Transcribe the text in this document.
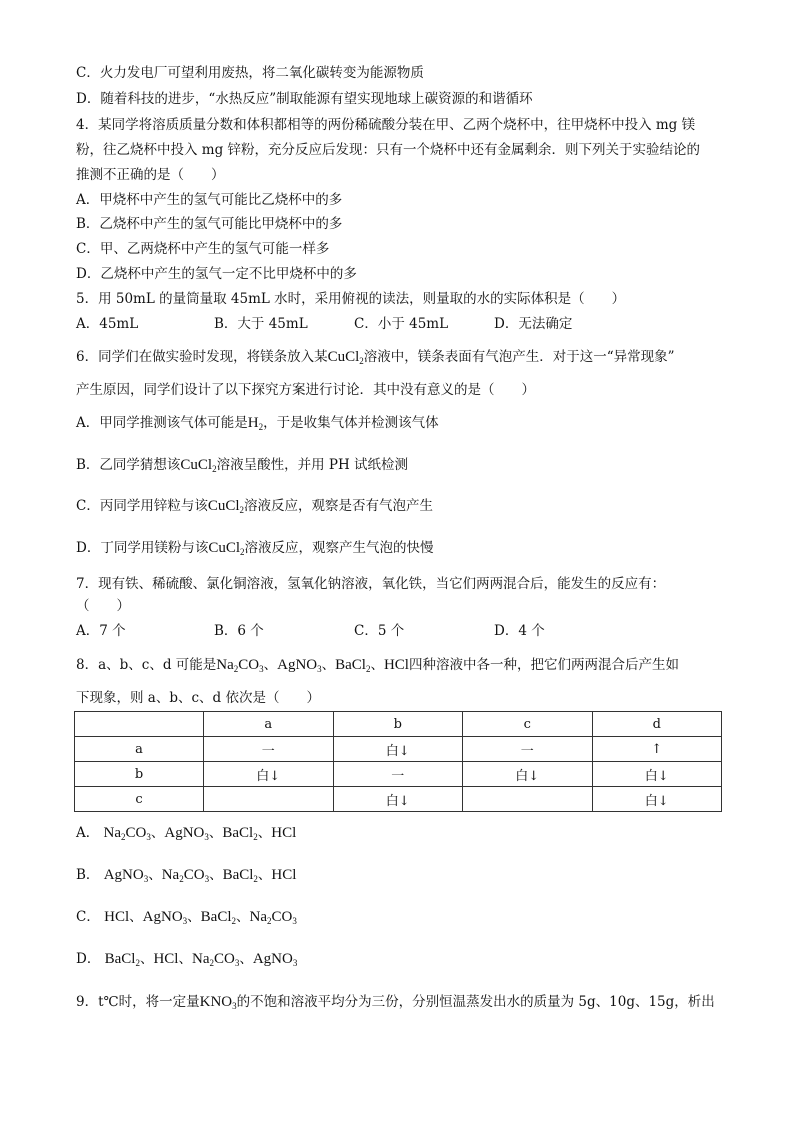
C．火力发电厂可望利用废热，将二氧化碳转变为能源物质
D．随着科技的进步，“水热反应”制取能源有望实现地球上碳资源的和谐循环
4．某同学将溶质质量分数和体积都相等的两份稀硫酸分装在甲、乙两个烧杯中，往甲烧杯中投入 mg 镁
粉，往乙烧杯中投入 mg 锌粉，充分反应后发现：只有一个烧杯中还有金属剩余．则下列关于实验结论的
推测不正确的是（　　）
A．甲烧杯中产生的氢气可能比乙烧杯中的多
B．乙烧杯中产生的氢气可能比甲烧杯中的多
C．甲、乙两烧杯中产生的氢气可能一样多
D．乙烧杯中产生的氢气一定不比甲烧杯中的多
5．用 50mL 的量筒量取 45mL 水时，采用俯视的读法，则量取的水的实际体积是（　　）
A．45mL	B．大于 45mL	C．小于 45mL	D．无法确定
6．同学们在做实验时发现，将镁条放入某CuCl$_2$溶液中，镁条表面有气泡产生．对于这一“异常现象”
产生原因，同学们设计了以下探究方案进行讨论．其中没有意义的是（　　）
A．甲同学推测该气体可能是$H_2$，于是收集气体并检测该气体
B．乙同学猜想该CuCl$_2$溶液呈酸性，并用 PH 试纸检测
C．丙同学用锌粒与该CuCl$_2$溶液反应，观察是否有气泡产生
D．丁同学用镁粉与该CuCl$_2$溶液反应，观察产生气泡的快慢
7．现有铁、稀硫酸、氯化铜溶液，氢氧化钠溶液，氧化铁，当它们两两混合后，能发生的反应有：
（　　）
A．7 个	B．6 个	C．5 个	D．4 个
8．a、b、c、d 可能是$Na_2CO_3$、AgNO$_3$、BaCl$_2$、HCl四种溶液中各一种，把它们两两混合后产生如
下现象，则 a、b、c、d 依次是（　　）
	a	b	c	d
a	一	白↓	一	↑
b	白↓	一	白↓	白↓
c		白↓		白↓
A． $Na_2CO_3$、AgNO$_3$、BaCl$_2$、HCl
B． AgNO$_3$、$Na_2CO_3$、BaCl$_2$、HCl
C． HCl、AgNO$_3$、BaCl$_2$、$Na_2CO_3$
D． BaCl$_2$、HCl、$Na_2CO_3$、AgNO$_3$
9．t℃时，将一定量$KNO_3$的不饱和溶液平均分为三份，分别恒温蒸发出水的质量为 5g、10g、15g，析出
